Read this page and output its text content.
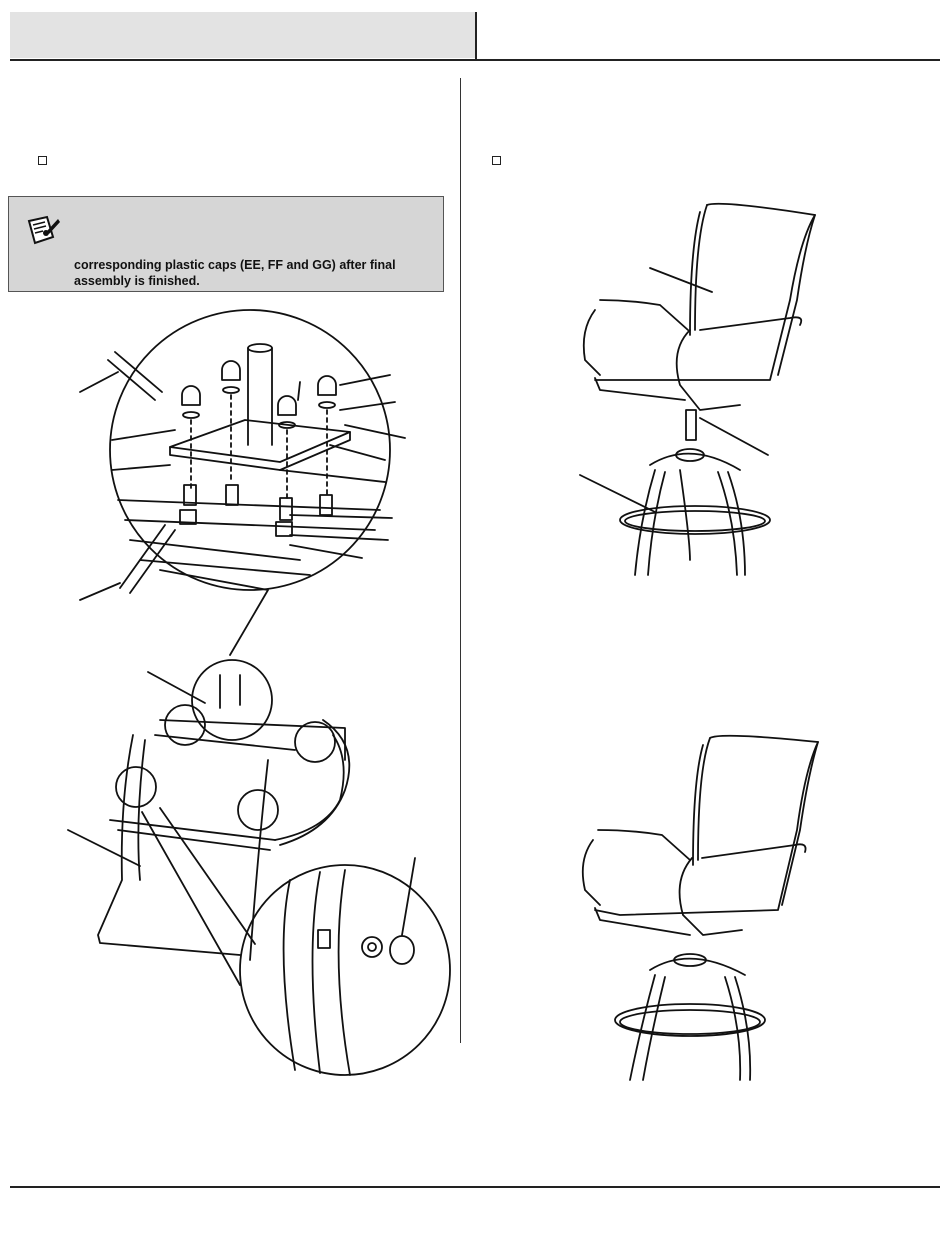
corresponding plastic caps (EE, FF and GG) after final assembly is finished.
